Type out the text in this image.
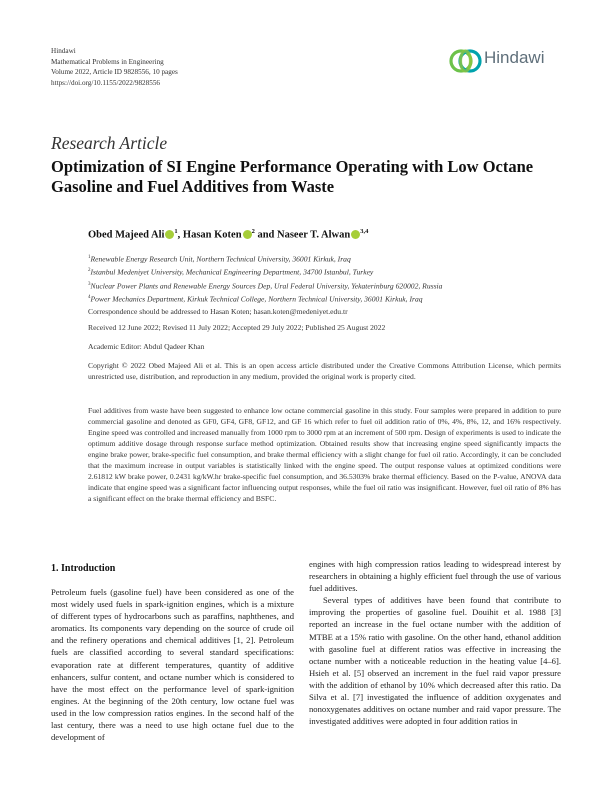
Hindawi
Mathematical Problems in Engineering
Volume 2022, Article ID 9828556, 10 pages
https://doi.org/10.1155/2022/9828556
Hindawi
Research Article
Optimization of SI Engine Performance Operating with Low Octane Gasoline and Fuel Additives from Waste
Obed Majeed Ali $^1$, Hasan Koten $^2$ and Naseer T. Alwan $^{3,4}$
$^1$Renewable Energy Research Unit, Northern Technical University, 36001 Kirkuk, Iraq
$^2$Istanbul Medeniyet University, Mechanical Engineering Department, 34700 Istanbul, Turkey
$^3$Nuclear Power Plants and Renewable Energy Sources Dep, Ural Federal University, Yekaterinburg 620002, Russia
$^4$Power Mechanics Department, Kirkuk Technical College, Northern Technical University, 36001 Kirkuk, Iraq
Correspondence should be addressed to Hasan Koten; hasan.koten@medeniyet.edu.tr
Received 12 June 2022; Revised 11 July 2022; Accepted 29 July 2022; Published 25 August 2022
Academic Editor: Abdul Qadeer Khan
Copyright © 2022 Obed Majeed Ali et al. This is an open access article distributed under the Creative Commons Attribution License, which permits unrestricted use, distribution, and reproduction in any medium, provided the original work is properly cited.
Fuel additives from waste have been suggested to enhance low octane commercial gasoline in this study. Four samples were prepared in addition to pure commercial gasoline and denoted as GF0, GF4, GF8, GF12, and GF 16 which refer to fuel oil addition ratio of 0%, 4%, 8%, 12, and 16% respectively. Engine speed was controlled and increased manually from 1000 rpm to 3000 rpm at an increment of 500 rpm. Design of experiments is used to indicate the optimum additive dosage through response surface method optimization. Obtained results show that increasing engine speed significantly impacts the engine brake power, brake-specific fuel consumption, and brake thermal efficiency with a slight change for fuel oil ratio. Accordingly, it can be concluded that the maximum increase in output variables is statistically linked with the engine speed. The output response values at optimized conditions were 2.61812 kW brake power, 0.2431 kg/kW.hr brake-specific fuel consumption, and 36.5303% brake thermal efficiency. Based on the P-value, ANOVA data indicate that engine speed was a significant factor influencing output responses, while the fuel oil ratio was insignificant. However, fuel oil ratio of 8% has a significant effect on the brake thermal efficiency and BSFC.
1. Introduction

Petroleum fuels (gasoline fuel) have been considered as one of the most widely used fuels in spark-ignition engines, which is a mixture of different types of hydrocarbons such as paraffins, naphthenes, and aromatics. Its components vary depending on the source of crude oil and the refinery operations and chemical additives [1, 2]. Petroleum fuels are classified according to several standard specifications: evaporation rate at different temperatures, quantity of additive enhancers, sulfur content, and octane number which is considered to have the most effect on the performance level of spark-ignition engines. At the beginning of the 20th century, low octane fuel was used in the low compression ratios engines. In the second half of the last century, there was a need to use high octane fuel due to the development of

engines with high compression ratios leading to widespread interest by researchers in obtaining a highly efficient fuel through the use of various fuel additives.

Several types of additives have been found that contribute to improving the properties of gasoline fuel. Douihit et al. 1988 [3] reported an increase in the fuel octane number with the addition of MTBE at a 15% ratio with gasoline. On the other hand, ethanol addition with gasoline fuel at different ratios was effective in increasing the octane number with a noticeable reduction in the heating value [4–6]. Hsieh et al. [5] observed an increment in the fuel raid vapor pressure with the addition of ethanol by 10% which decreased after this ratio. Da Silva et al. [7] investigated the influence of addition oxygenates and nonoxygenates additives on octane number and raid vapor pressure. The investigated additives were adopted in four addition ratios in
